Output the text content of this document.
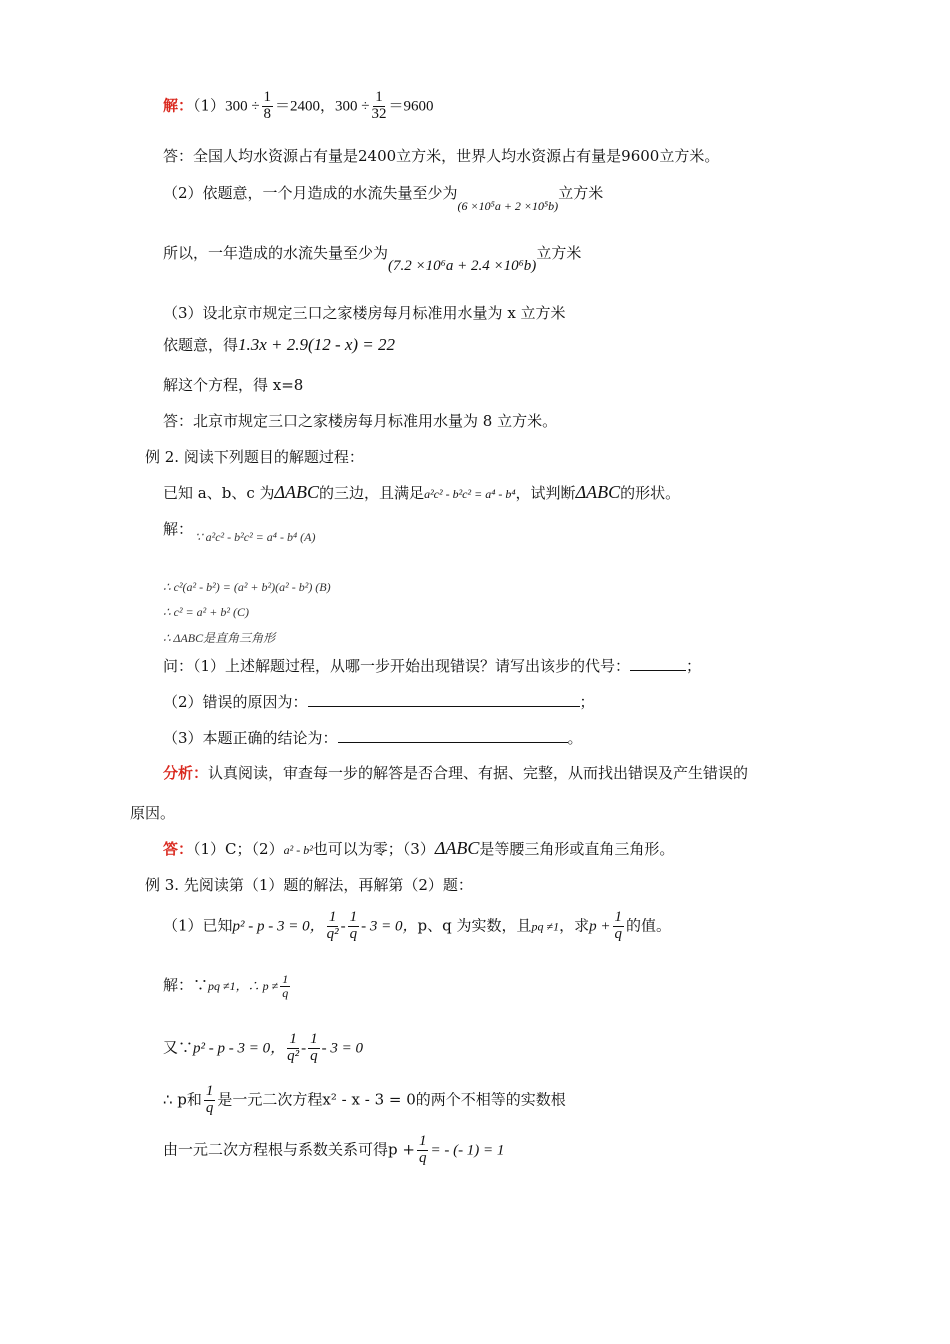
解：$(1)300 \div \frac{1}{8} =2400$，$300 \div \frac{1}{32} =9600$
答：全国人均水资源占有量是2400立方米，世界人均水资源占有量是9600立方米。
（2）依题意，一个月造成的水流失量至少为$_{(6 \times 10^5a + 2 \times 10^5b)}$立方米
所以，一年造成的水流失量至少为(7.2 ×10⁶a + 2.4 ×10⁶b)立方米
（3）设北京市规定三口之家楼房每月标准用水量为 x 立方米
依题意，得1.3x + 2.9(12 - x) = 22
解这个方程，得 x=8
答：北京市规定三口之家楼房每月标准用水量为 8 立方米。
例 2. 阅读下列题目的解题过程：
已知 a、b、c 为ΔABC的三边，且满足a²c² - b²c² = a⁴ - b⁴，试判断ΔABC的形状。
解： ∵ a²c² - b²c² = a⁴ - b⁴ (A)
∴ c²(a² - b²) = (a² + b²)(a² - b²) (B)
∴ c² = a² + b² (C)
∴ ΔABC是直角三角形
问：（1）上述解题过程，从哪一步开始出现错误？请写出该步的代号：	；
（2）错误的原因为：	；
（3）本题正确的结论为：	。
分析：认真阅读，审查每一步的解答是否合理、有据、完整，从而找出错误及产生错误的
原因。
答：（1）C；（2）a² - b²也可以为零；（3）ΔABC是等腰三角形或直角三角形。
例 3. 先阅读第（1）题的解法，再解第（2）题：
（1）已知p² - p - 3 = 0， $\frac{1}{\text{q²}} - \frac{1}{q} - 3 = 0$，p、q 为实数，且pq ≠1，求$p + \frac{1}{q}$ 的值。
解：∵pq ≠1，∴ $p \ne \frac{1}{q}$
又∵p² - p - 3 = 0， $\frac{1}{\text{q²}} - \frac{1}{q} - 3 = 0$
∴ p和 $\frac{1}{q}$ 是一元二次方程x² - x - 3 = 0的两个不相等的实数根
由一元二次方程根与系数关系可得$p + \frac{1}{q}$ = - (- 1) = 1
